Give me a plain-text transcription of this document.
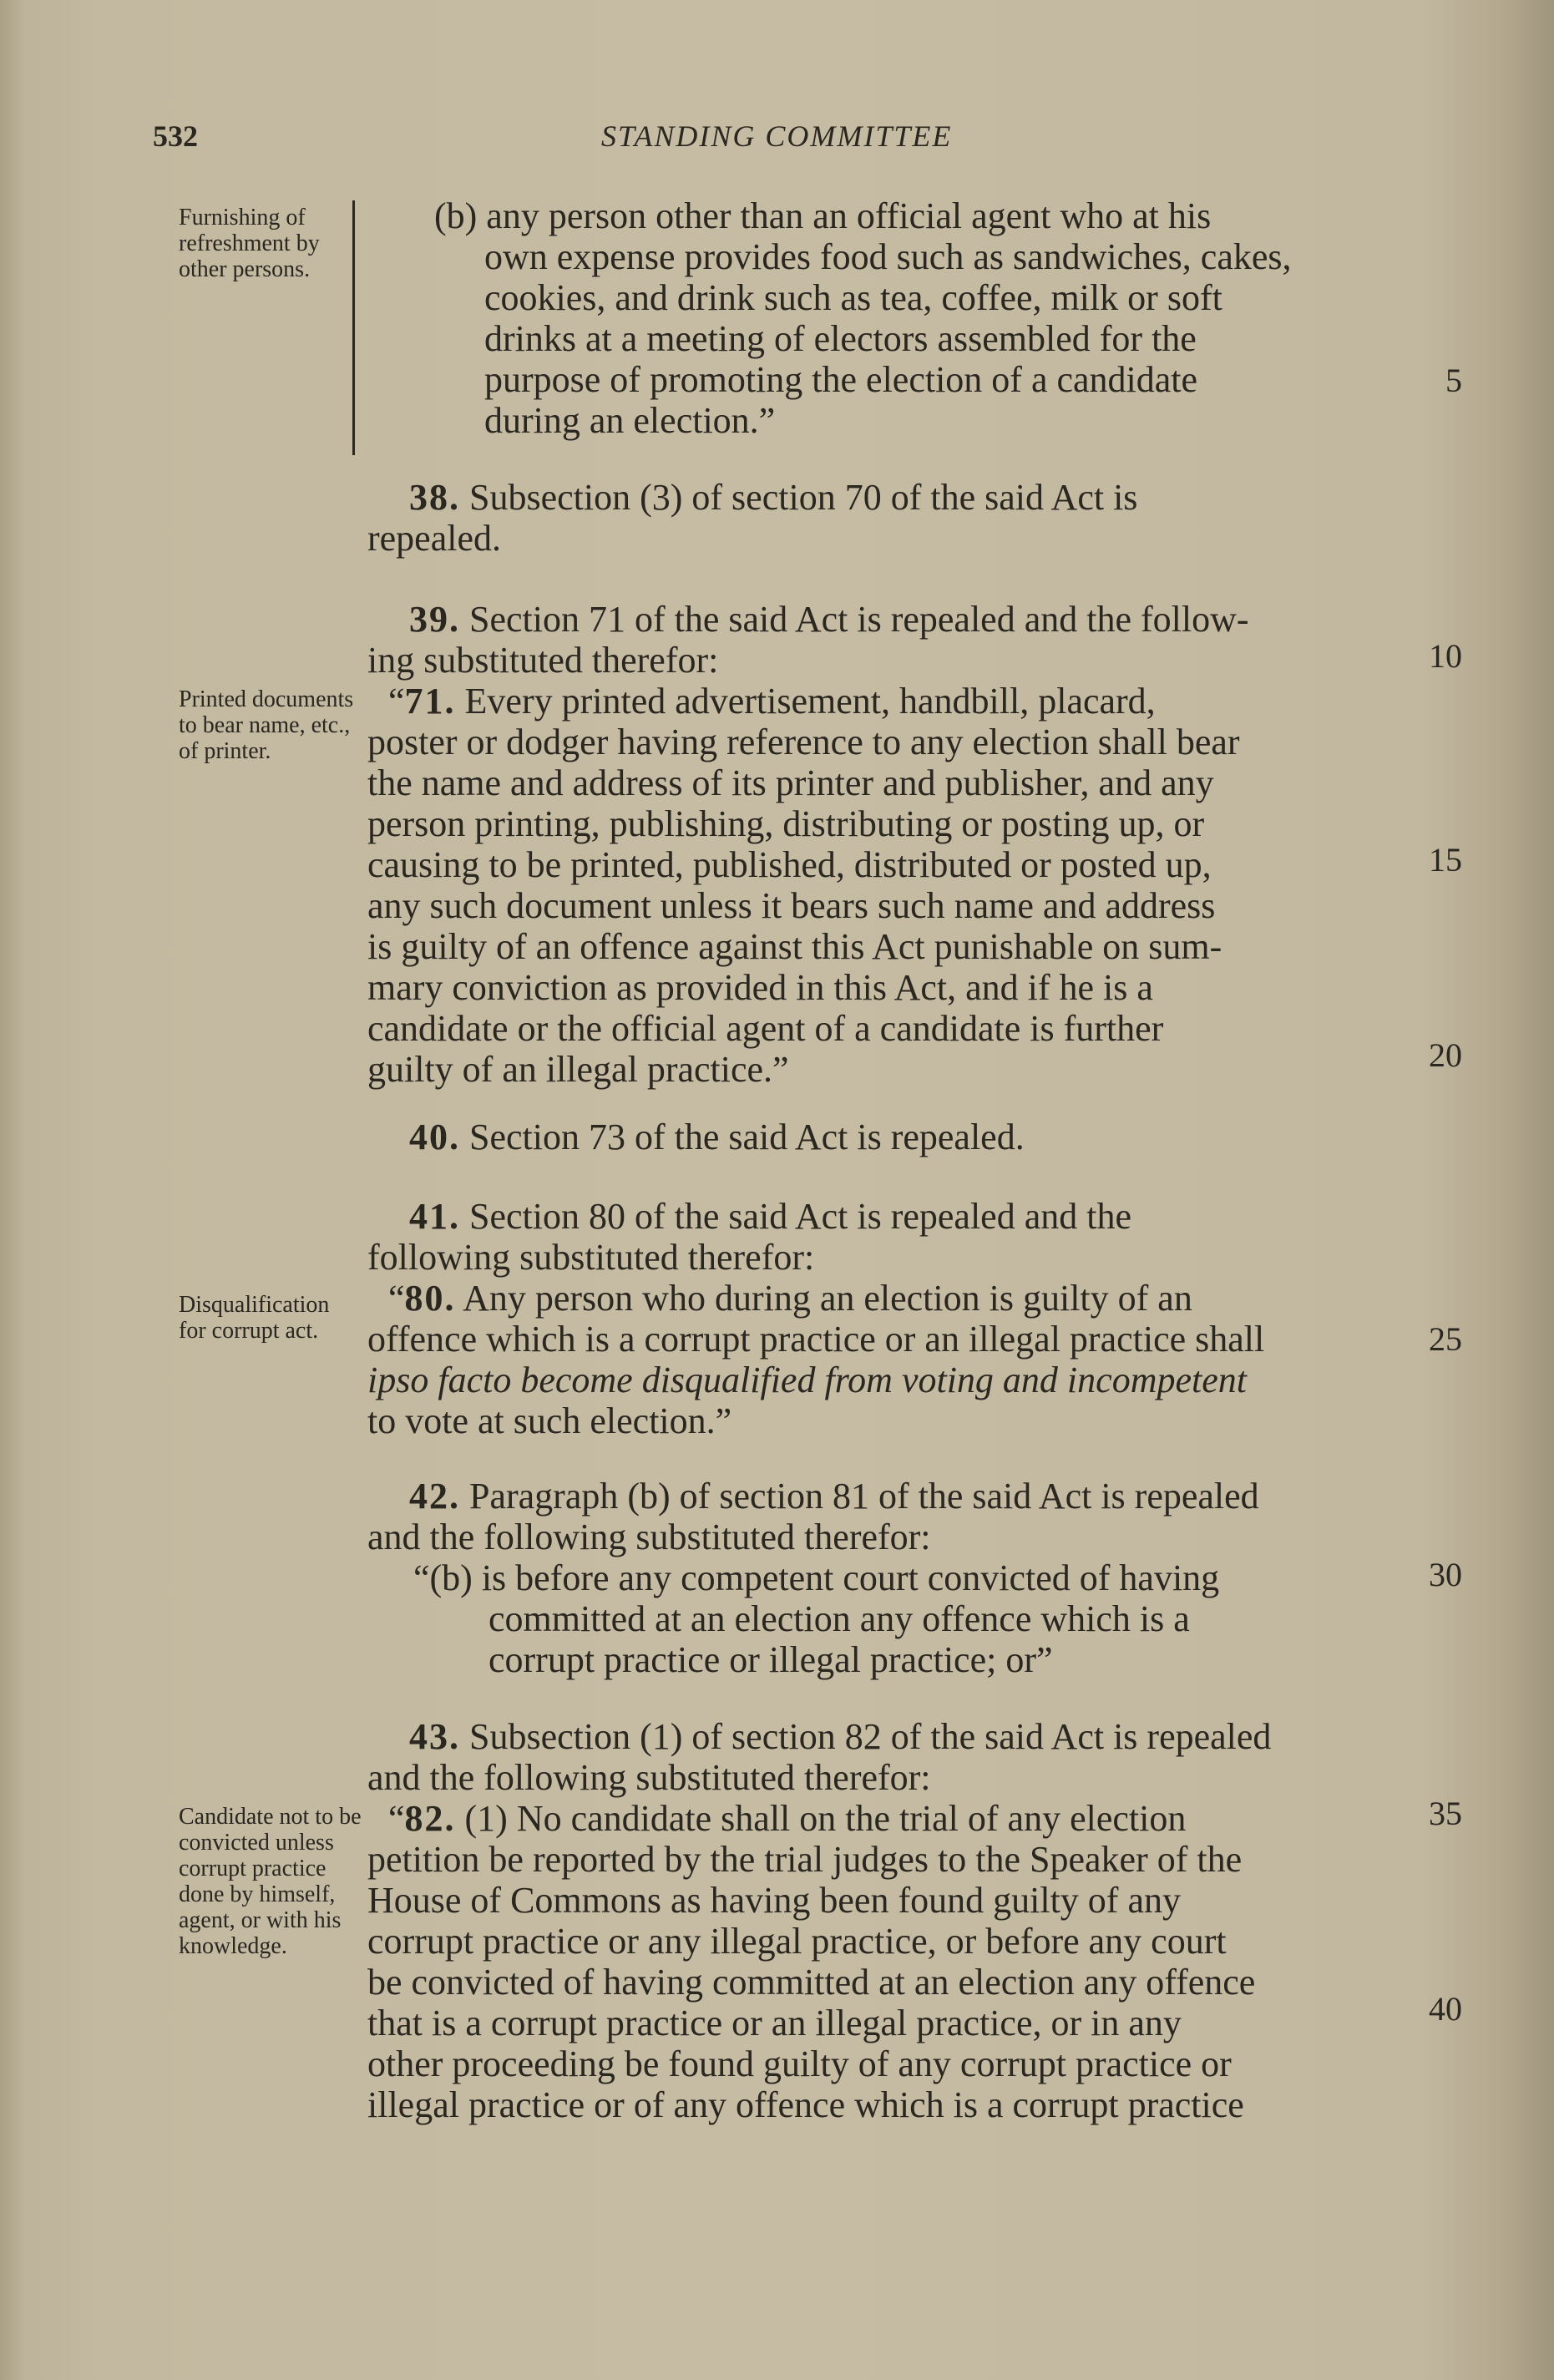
532	STANDING COMMITTEE
Furnishing of refreshment by other persons.
Printed documents to bear name, etc., of printer.
Disqualification for corrupt act.
Candidate not to be convicted unless corrupt practice done by himself, agent, or with his knowledge.
(b) any person other than an official agent who at his
own expense provides food such as sandwiches, cakes,
cookies, and drink such as tea, coffee, milk or soft
drinks at a meeting of electors assembled for the
purpose of promoting the election of a candidate
during an election.”
38. Subsection (3) of section 70 of the said Act is
repealed.
39. Section 71 of the said Act is repealed and the follow-
ing substituted therefor:
“71. Every printed advertisement, handbill, placard,
poster or dodger having reference to any election shall bear
the name and address of its printer and publisher, and any
person printing, publishing, distributing or posting up, or
causing to be printed, published, distributed or posted up,
any such document unless it bears such name and address
is guilty of an offence against this Act punishable on sum-
mary conviction as provided in this Act, and if he is a
candidate or the official agent of a candidate is further
guilty of an illegal practice.”
40. Section 73 of the said Act is repealed.
41. Section 80 of the said Act is repealed and the
following substituted therefor:
“80. Any person who during an election is guilty of an
offence which is a corrupt practice or an illegal practice shall
ipso facto become disqualified from voting and incompetent
to vote at such election.”
42. Paragraph (b) of section 81 of the said Act is repealed
and the following substituted therefor:
“(b) is before any competent court convicted of having
committed at an election any offence which is a
corrupt practice or illegal practice; or”
43. Subsection (1) of section 82 of the said Act is repealed
and the following substituted therefor:
“82. (1) No candidate shall on the trial of any election
petition be reported by the trial judges to the Speaker of the
House of Commons as having been found guilty of any
corrupt practice or any illegal practice, or before any court
be convicted of having committed at an election any offence
that is a corrupt practice or an illegal practice, or in any
other proceeding be found guilty of any corrupt practice or
illegal practice or of any offence which is a corrupt practice
5
10
15
20
25
30
35
40
